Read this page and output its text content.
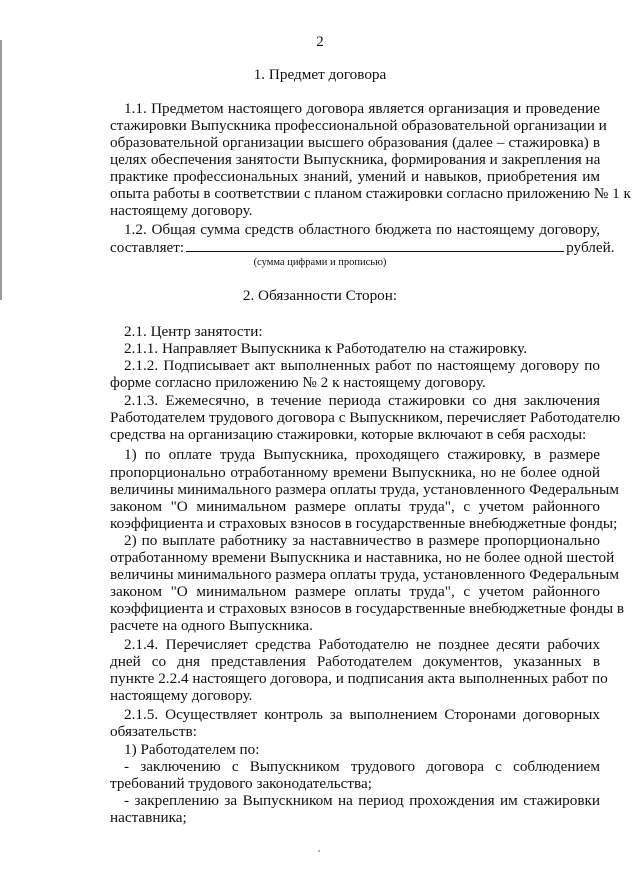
2
1. Предмет договора
1.1. Предметом настоящего договора является организация и проведение
стажировки Выпускника профессиональной образовательной организации и
образовательной организации высшего образования (далее – стажировка) в
целях обеспечения занятости Выпускника, формирования и закрепления на
практике профессиональных знаний, умений и навыков, приобретения им
опыта работы в соответствии с планом стажировки согласно приложению № 1 к
настоящему договору.
1.2. Общая сумма средств областного бюджета по настоящему договору,
составляет:	рублей.
(сумма цифрами и прописью)
2. Обязанности Сторон:
2.1. Центр занятости:
2.1.1. Направляет Выпускника к Работодателю на стажировку.
2.1.2. Подписывает акт выполненных работ по настоящему договору по
форме согласно приложению № 2 к настоящему договору.
2.1.3. Ежемесячно, в течение периода стажировки со дня заключения
Работодателем трудового договора с Выпускником, перечисляет Работодателю
средства на организацию стажировки, которые включают в себя расходы:
1) по оплате труда Выпускника, проходящего стажировку, в размере
пропорционально отработанному времени Выпускника, но не более одной
величины минимального размера оплаты труда, установленного Федеральным
законом "О минимальном размере оплаты труда", с учетом районного
коэффициента и страховых взносов в государственные внебюджетные фонды;
2) по выплате работнику за наставничество в размере пропорционально
отработанному времени Выпускника и наставника, но не более одной шестой
величины минимального размера оплаты труда, установленного Федеральным
законом "О минимальном размере оплаты труда", с учетом районного
коэффициента и страховых взносов в государственные внебюджетные фонды в
расчете на одного Выпускника.
2.1.4. Перечисляет средства Работодателю не позднее десяти рабочих
дней со дня представления Работодателем документов, указанных в
пункте 2.2.4 настоящего договора, и подписания акта выполненных работ по
настоящему договору.
2.1.5. Осуществляет контроль за выполнением Сторонами договорных
обязательств:
1) Работодателем по:
- заключению с Выпускником трудового договора с соблюдением
требований трудового законодательства;
- закреплению за Выпускником на период прохождения им стажировки
наставника;
